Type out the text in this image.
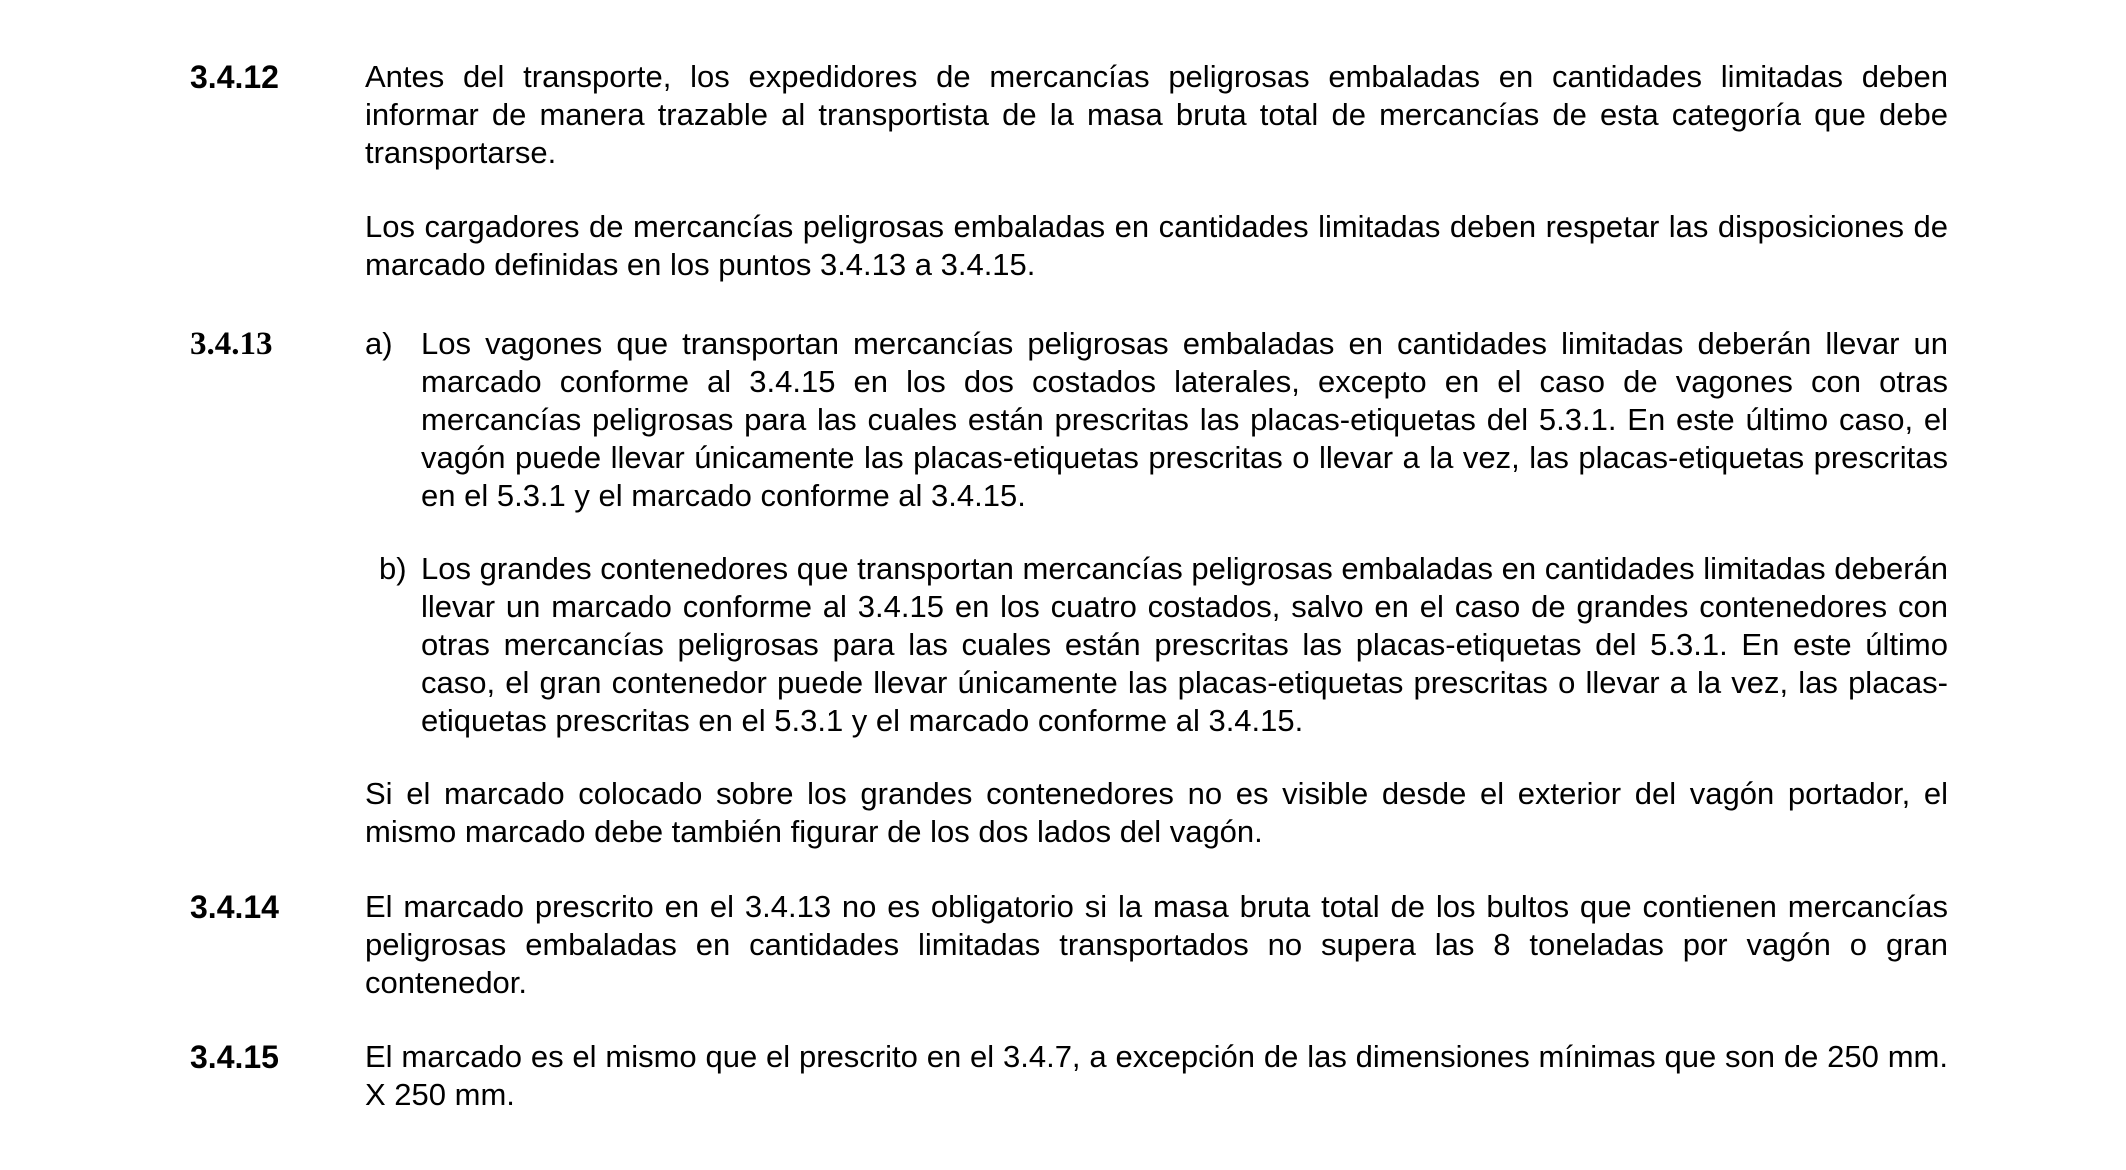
3.4.12	Antes del transporte, los expedidores de mercancías peligrosas embaladas en cantidades limitadas deben informar de manera trazable al transportista de la masa bruta total de mercancías de esta categoría que debe transportarse.

Los cargadores de mercancías peligrosas embaladas en cantidades limitadas deben respetar las disposiciones de marcado definidas en los puntos 3.4.13 a 3.4.15.

3.4.13	a) Los vagones que transportan mercancías peligrosas embaladas en cantidades limitadas deberán llevar un marcado conforme al 3.4.15 en los dos costados laterales, excepto en el caso de vagones con otras mercancías peligrosas para las cuales están prescritas las placas-etiquetas del 5.3.1. En este último caso, el vagón puede llevar únicamente las placas-etiquetas prescritas o llevar a la vez, las placas-etiquetas prescritas en el 5.3.1 y el marcado conforme al 3.4.15.

b) Los grandes contenedores que transportan mercancías peligrosas embaladas en cantidades limitadas deberán llevar un marcado conforme al 3.4.15 en los cuatro costados, salvo en el caso de grandes contenedores con otras mercancías peligrosas para las cuales están prescritas las placas-etiquetas del 5.3.1. En este último caso, el gran contenedor puede llevar únicamente las placas-etiquetas prescritas o llevar a la vez, las placas-etiquetas prescritas en el 5.3.1 y el marcado conforme al 3.4.15.

Si el marcado colocado sobre los grandes contenedores no es visible desde el exterior del vagón portador, el mismo marcado debe también figurar de los dos lados del vagón.

3.4.14	El marcado prescrito en el 3.4.13 no es obligatorio si la masa bruta total de los bultos que contienen mercancías peligrosas embaladas en cantidades limitadas transportados no supera las 8 toneladas por vagón o gran contenedor.

3.4.15	El marcado es el mismo que el prescrito en el 3.4.7, a excepción de las dimensiones mínimas que son de 250 mm. X 250 mm.
